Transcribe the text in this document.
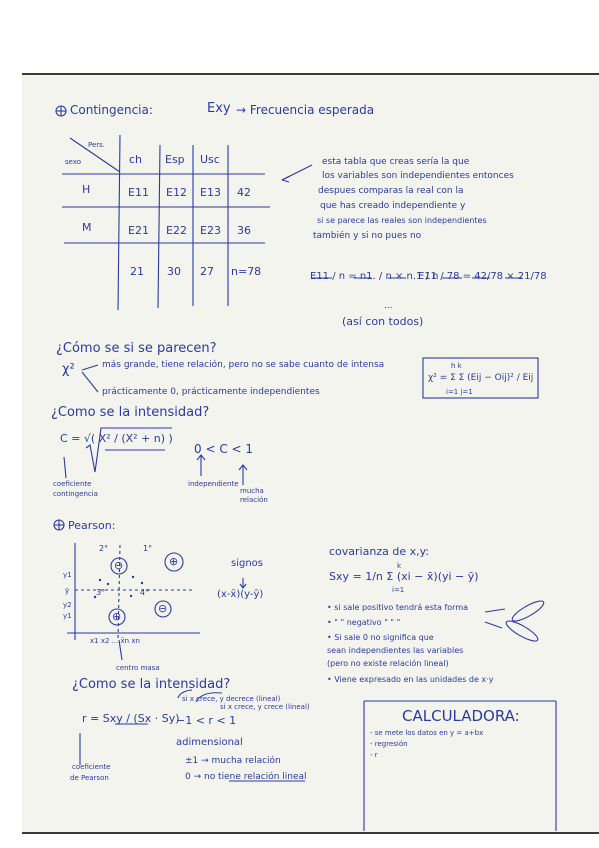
Contingencia:	Exy → Frecuencia esperada
Pers.
sexo	ch Esp Usc
H	E11 E12 E13 42
M	E21 E22 E23 36
21 30 27 n=78
esta tabla que creas sería la que
los variables son independientes entonces
despues comparas la real con la
que has creado independiente y
si se parece las reales son independientes
también y si no pues no
E11 / n = n1. / n × n.1 / n
E11 / 78 = 42/78 × 21/78
...
(así con todos)
¿Cómo se si se parecen?
χ²	más grande, tiene relación, pero no se sabe cuanto de intensa
prácticamente 0, prácticamente independientes
χ² = Σ Σ (Eij − Oij)² / Eij
h k
i=1 j=1
¿Como se la intensidad?
C = √( X² / (X² + n) )
0 < C < 1
coeficiente
contingencia
independiente
mucha
relación
Pearson:
2°	1°
3°	4°
⊖	⊕
⊕
⊖
y1
ȳ
y2
y1
x1 x2 ... x̄n xn
centro masa
signos
(x-x̄)(y-ȳ)
covarianza de x,y:
Sxy = 1/n Σ (xi − x̄)(yi − ȳ)
k
i=1
• si sale positivo tendrá esta forma
• " " negativo " " "
• Si sale 0 no significa que
sean independientes las variables
(pero no existe relación lineal)
• Viene expresado en las unidades de x·y
¿Como se la intensidad?
r = Sxy / (Sx · Sy)
−1 < r < 1
si x crece, y decrece (lineal)
si x crece, y crece (lineal)
adimensional
±1 → mucha relación
0 → no tiene relación lineal
coeficiente
de Pearson
CALCULADORA:
- se mete los datos en y = a+bx
- regresión
- r
